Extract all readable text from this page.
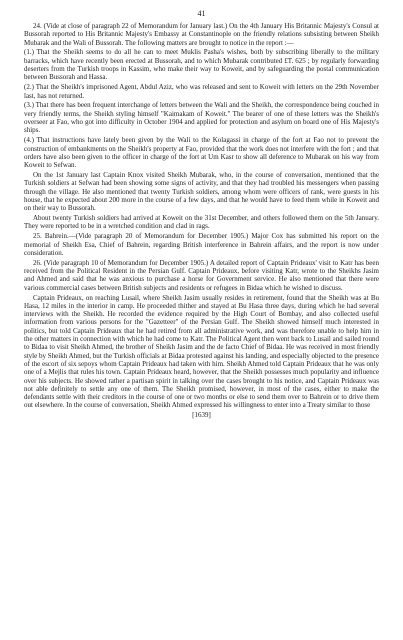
41

24. (Vide at close of paragraph 22 of Memorandum for January last.) On the 4th January His Britannic Majesty's Consul at Bussorah reported to His Britannic Majesty's Embassy at Constantinople on the friendly relations subsisting between Sheikh Mubarak and the Wali of Bussorah. The following matters are brought to notice in the report :—

(1.) That the Sheikh seems to do all he can to meet Muklis Pasha's wishes, both by subscribing liberally to the military barracks, which have recently been erected at Bussorah, and to which Mubarak contributed £T. 625 ; by regularly forwarding deserters from the Turkish troops in Kassim, who make their way to Koweit, and by safeguarding the postal communication between Bussorah and Hassa.

(2.) That the Sheikh's imprisoned Agent, Abdul Aziz, who was released and sent to Koweit with letters on the 29th November last, has not returned.

(3.) That there has been frequent interchange of letters between the Wali and the Sheikh, the correspondence being couched in very friendly terms, the Sheikh styling himself "Kaimakam of Koweit." The bearer of one of these letters was the Sheikh's overseer at Fao, who got into difficulty in October 1904 and applied for protection and asylum on board one of His Majesty's ships.

(4.) That instructions have lately been given by the Wali to the Kolagassi in charge of the fort at Fao not to prevent the construction of embankments on the Sheikh's property at Fao, provided that the work does not interfere with the fort ; and that orders have also been given to the officer in charge of the fort at Um Kasr to show all deference to Mubarak on his way from Koweit to Sefwan.

On the 1st January last Captain Knox visited Sheikh Mubarak, who, in the course of conversation, mentioned that the Turkish soldiers at Sefwan had been showing some signs of activity, and that they had troubled his messengers when passing through the village. He also mentioned that twenty Turkish soldiers, among whom were officers of rank, were guests in his house, that he expected about 200 more in the course of a few days, and that he would have to feed them while in Koweit and on their way to Bussorah.

About twenty Turkish soldiers had arrived at Koweit on the 31st December, and others followed them on the 5th January. They were reported to be in a wretched condition and clad in rags.

25. Bahrein.—(Vide paragraph 20 of Memorandum for December 1905.) Major Cox has submitted his report on the memorial of Sheikh Esa, Chief of Bahrein, regarding British interference in Bahrein affairs, and the report is now under consideration.

26. (Vide paragraph 10 of Memorandum for December 1905.) A detailed report of Captain Prideaux' visit to Katr has been received from the Political Resident in the Persian Gulf. Captain Prideaux, before visiting Katr, wrote to the Sheikhs Jasim and Ahmed and said that he was anxious to purchase a horse for Government service. He also mentioned that there were various commercial cases between British subjects and residents or refugees in Bidaa which he wished to discuss.

Captain Prideaux, on reaching Lusail, where Sheikh Jasim usually resides in retirement, found that the Sheikh was at Bu Hasa, 12 miles in the interior in camp. He proceeded thither and stayed at Bu Hasa three days, during which he had several interviews with the Sheikh. He recorded the evidence required by the High Court of Bombay, and also collected useful information from various persons for the "Gazetteer" of the Persian Gulf. The Sheikh showed himself much interested in politics, but told Captain Prideaux that he had retired from all administrative work, and was therefore unable to help him in the other matters in connection with which he had come to Katr. The Political Agent then went back to Lusail and sailed round to Bidaa to visit Sheikh Ahmed, the brother of Sheikh Jasim and the de facto Chief of Bidaa. He was received in most friendly style by Sheikh Ahmed, but the Turkish officials at Bidaa protested against his landing, and especially objected to the presence of the escort of six sepoys whom Captain Prideaux had taken with him. Sheikh Ahmed told Captain Prideaux that he was only one of a Mejlis that rules his town. Captain Prideaux heard, however, that the Sheikh possesses much popularity and influence over his subjects. He showed rather a partisan spirit in talking over the cases brought to his notice, and Captain Prideaux was not able definitely to settle any one of them. The Sheikh promised, however, in most of the cases, either to make the defendants settle with their creditors in the course of one or two months or else to send them over to Bahrein or to drive them out elsewhere. In the course of conversation, Sheikh Ahmed expressed his willingness to enter into a Treaty similar to those

[1639]
